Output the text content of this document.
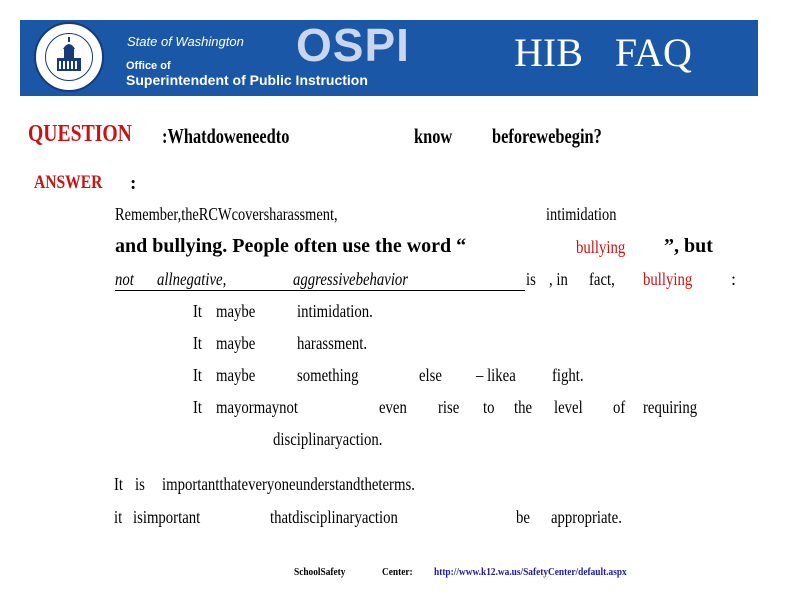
State of Washington OSPI
Office of
Superintendent of Public Instruction
HIB FAQ
QUESTION :Whatdoweneedto	know beforewebegin?
ANSWER :
Remember,theRCWcoversharassment,	intimidation
and bullying. People often use the word “	bullying ”, but
not allnegative,	aggressivebehavior	is , in fact, bullying :
It maybe intimidation.
It maybe harassment.
It maybe something	else – likea fight.
It mayormaynot	even rise to the level of requiring
disciplinaryaction.
It is importantthateveryoneunderstandtheterms.
it isimportant	thatdisciplinaryaction	be appropriate.
SchoolSafety	Center: http://www.k12.wa.us/SafetyCenter/default.aspx
